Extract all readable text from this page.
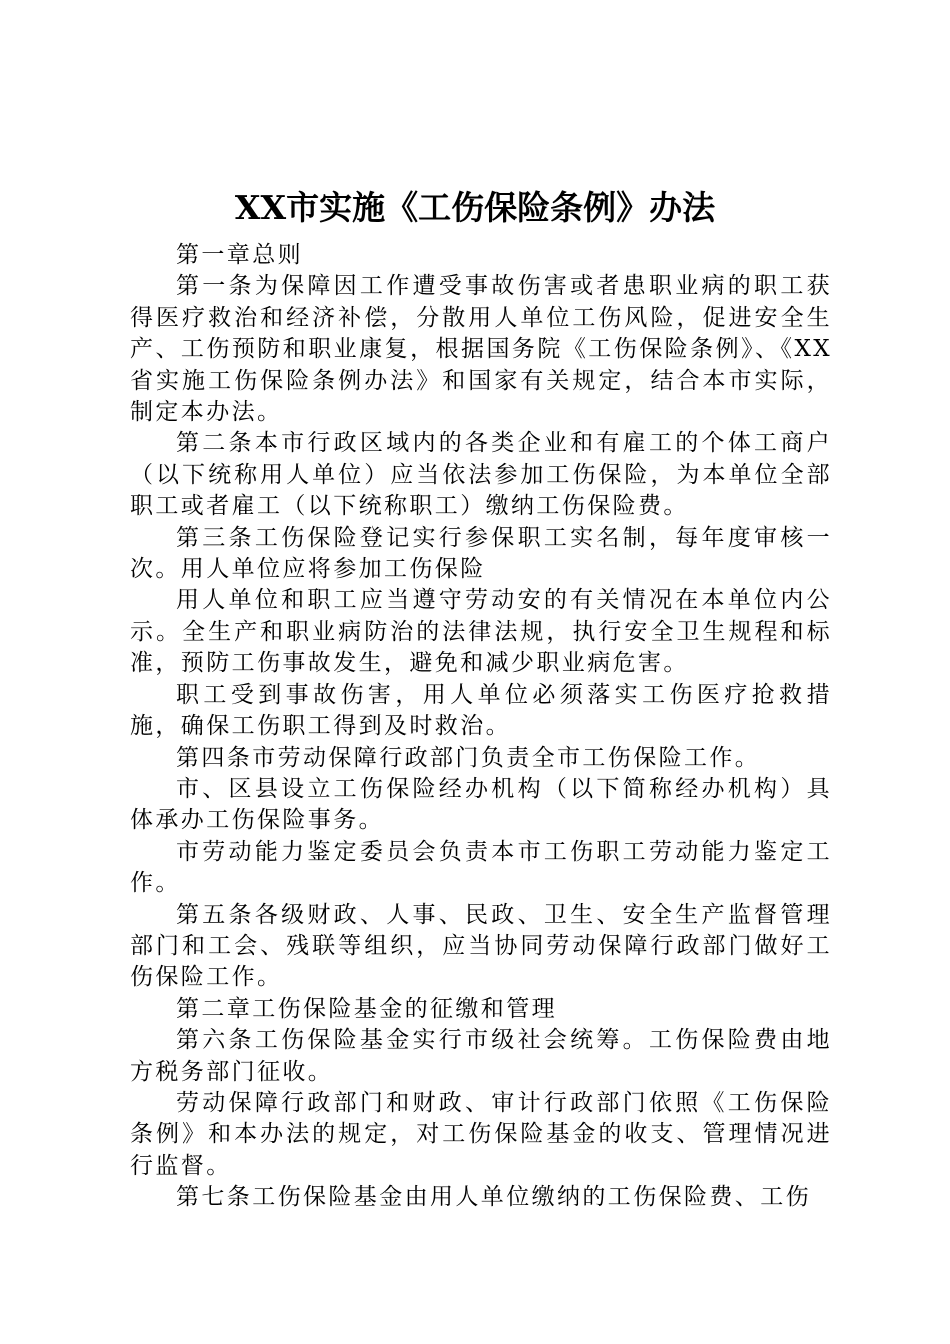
XX市实施《工伤保险条例》办法

第一章总则

第一条为保障因工作遭受事故伤害或者患职业病的职工获得医疗救治和经济补偿，分散用人单位工伤风险，促进安全生产、工伤预防和职业康复，根据国务院《工伤保险条例》、《XX省实施工伤保险条例办法》和国家有关规定，结合本市实际，制定本办法。

第二条本市行政区域内的各类企业和有雇工的个体工商户（以下统称用人单位）应当依法参加工伤保险，为本单位全部职工或者雇工（以下统称职工）缴纳工伤保险费。

第三条工伤保险登记实行参保职工实名制，每年度审核一次。用人单位应将参加工伤保险

用人单位和职工应当遵守劳动安的有关情况在本单位内公示。全生产和职业病防治的法律法规，执行安全卫生规程和标准，预防工伤事故发生，避免和减少职业病危害。

职工受到事故伤害，用人单位必须落实工伤医疗抢救措施，确保工伤职工得到及时救治。

第四条市劳动保障行政部门负责全市工伤保险工作。

市、区县设立工伤保险经办机构（以下简称经办机构）具体承办工伤保险事务。

市劳动能力鉴定委员会负责本市工伤职工劳动能力鉴定工作。

第五条各级财政、人事、民政、卫生、安全生产监督管理部门和工会、残联等组织，应当协同劳动保障行政部门做好工伤保险工作。

第二章工伤保险基金的征缴和管理

第六条工伤保险基金实行市级社会统筹。工伤保险费由地方税务部门征收。

劳动保障行政部门和财政、审计行政部门依照《工伤保险条例》和本办法的规定，对工伤保险基金的收支、管理情况进行监督。

第七条工伤保险基金由用人单位缴纳的工伤保险费、工伤
